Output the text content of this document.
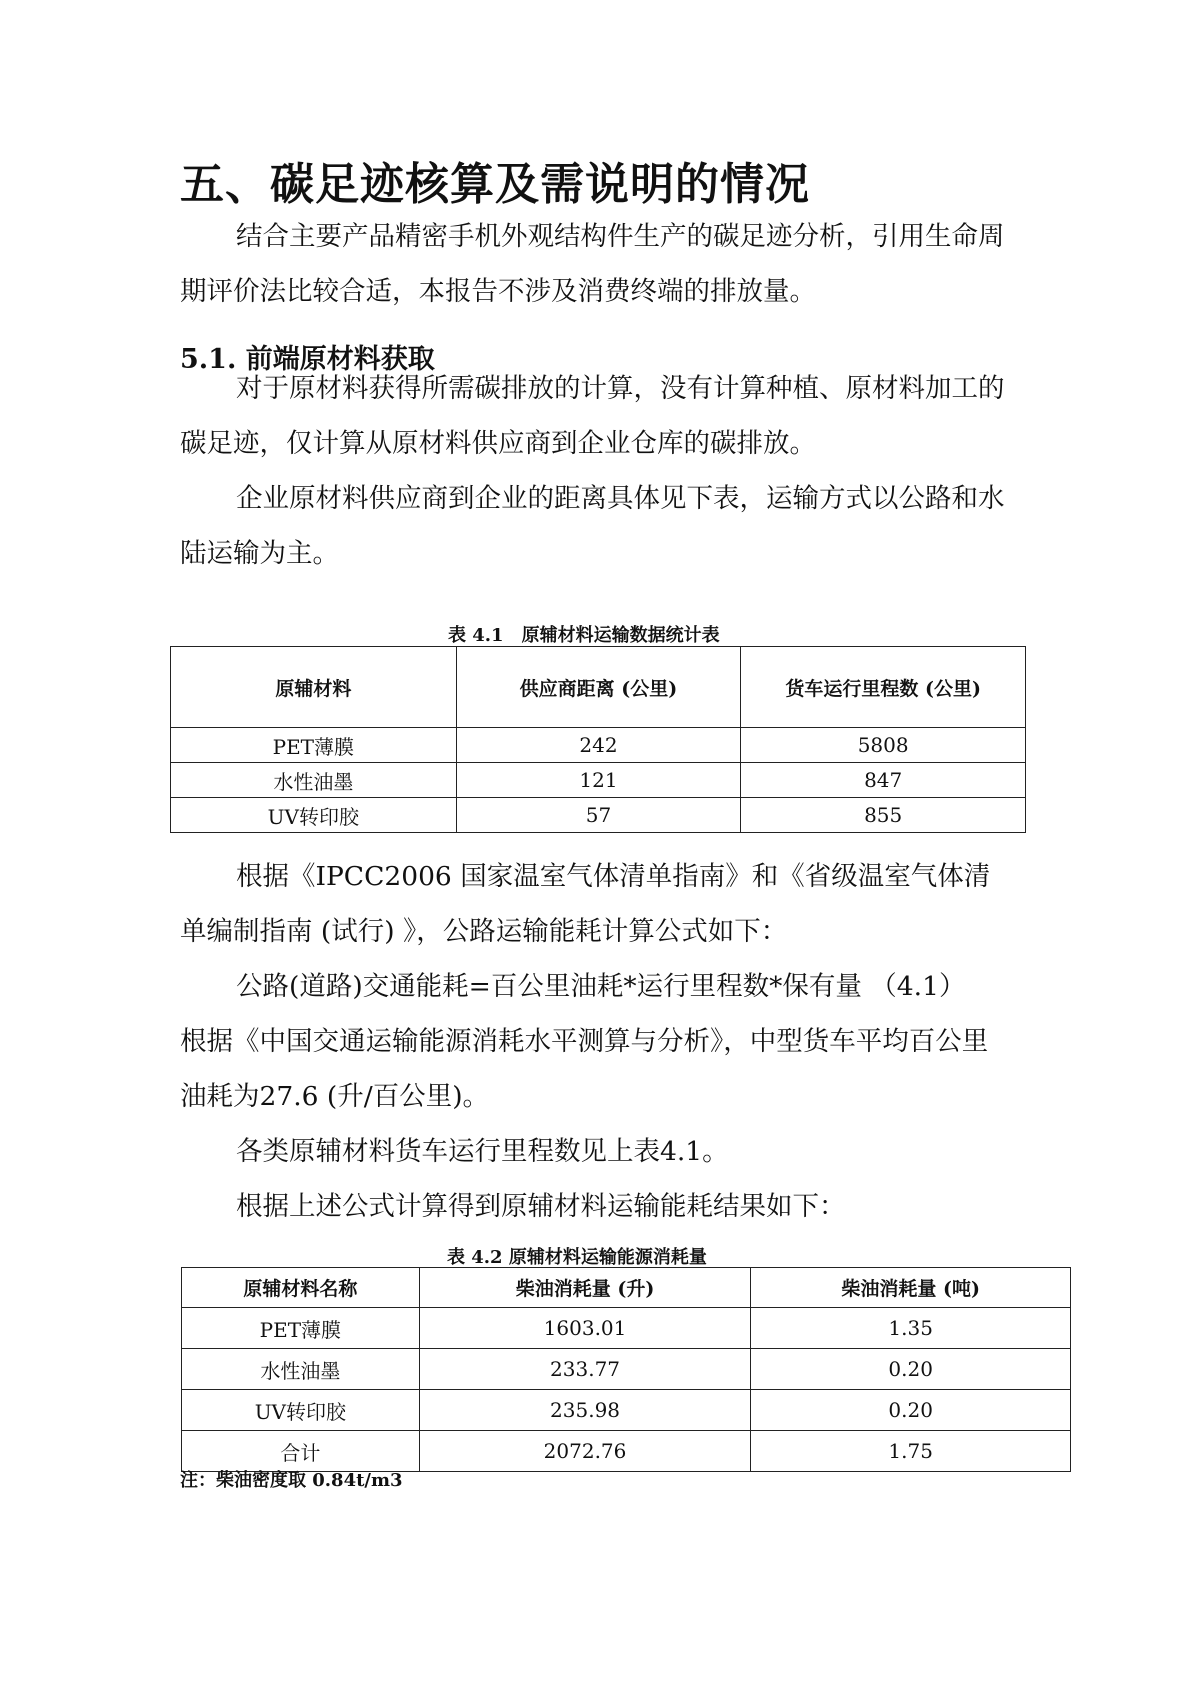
五、碳足迹核算及需说明的情况

结合主要产品精密手机外观结构件生产的碳足迹分析，引用生命周期评价法比较合适，本报告不涉及消费终端的排放量。

5.1. 前端原材料获取

对于原材料获得所需碳排放的计算，没有计算种植、原材料加工的碳足迹，仅计算从原材料供应商到企业仓库的碳排放。

企业原材料供应商到企业的距离具体见下表，运输方式以公路和水陆运输为主。

表 4.1　原辅材料运输数据统计表
原辅材料	供应商距离 (公里)	货车运行里程数 (公里)
PET薄膜	242	5808
水性油墨	121	847
UV转印胶	57	855

根据《IPCC2006 国家温室气体清单指南》和《省级温室气体清单编制指南 (试行) 》，公路运输能耗计算公式如下：

公路(道路)交通能耗=百公里油耗*运行里程数*保有量 （4.1）

根据《中国交通运输能源消耗水平测算与分析》，中型货车平均百公里油耗为27.6 (升/百公里)。

各类原辅材料货车运行里程数见上表4.1。

根据上述公式计算得到原辅材料运输能耗结果如下：

表 4.2 原辅材料运输能源消耗量
原辅材料名称	柴油消耗量 (升)	柴油消耗量 (吨)
PET薄膜	1603.01	1.35
水性油墨	233.77	0.20
UV转印胶	235.98	0.20
合计	2072.76	1.75
注：柴油密度取 0.84t/m3
